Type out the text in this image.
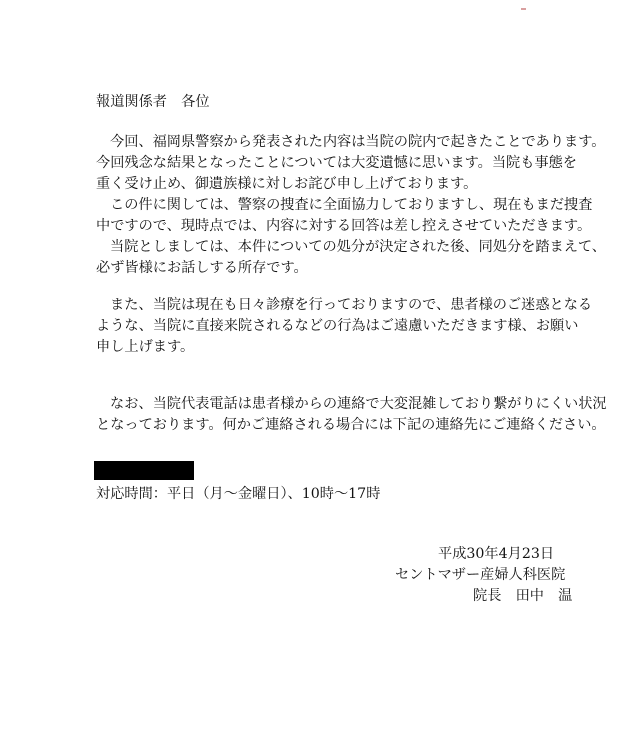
報道関係者　各位
今回、福岡県警察から発表された内容は当院の院内で起きたことであります。
今回残念な結果となったことについては大変遺憾に思います。当院も事態を
重く受け止め、御遺族様に対しお詫び申し上げております。
この件に関しては、警察の捜査に全面協力しておりますし、現在もまだ捜査
中ですので、現時点では、内容に対する回答は差し控えさせていただきます。
当院としましては、本件についての処分が決定された後、同処分を踏まえて、
必ず皆様にお話しする所存です。
また、当院は現在も日々診療を行っておりますので、患者様のご迷惑となる
ような、当院に直接来院されるなどの行為はご遠慮いただきます様、お願い
申し上げます。
なお、当院代表電話は患者様からの連絡で大変混雑しており繋がりにくい状況
となっております。何かご連絡される場合には下記の連絡先にご連絡ください。
対応時間：平日（月～金曜日）、10時～17時
平成30年4月23日
セントマザー産婦人科医院
院長　田中　温
